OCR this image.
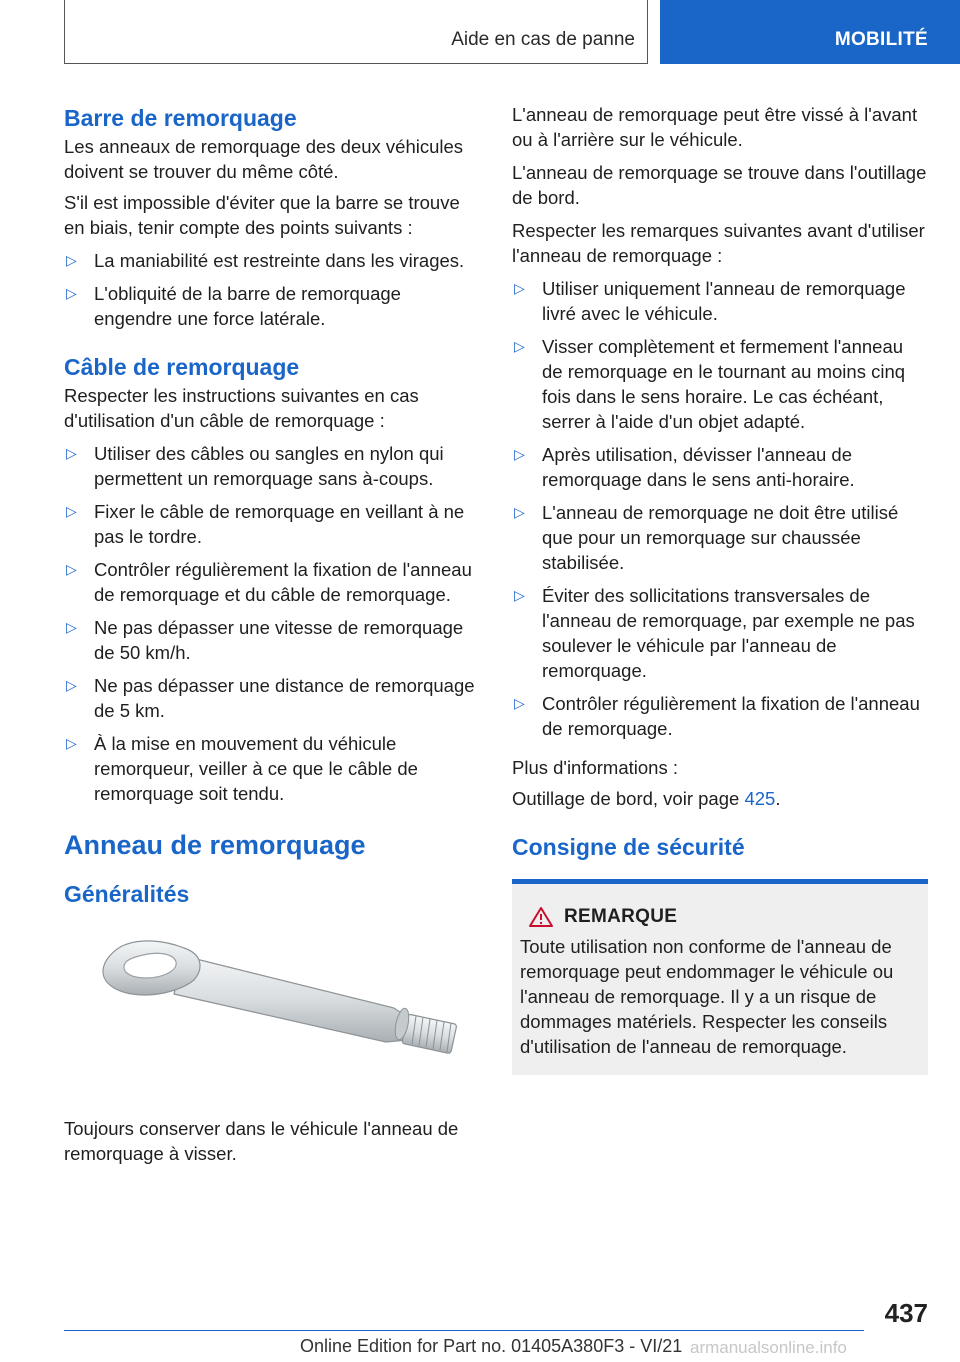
Aide en cas de panne	MOBILITÉ
Barre de remorquage

Les anneaux de remorquage des deux véhicules doivent se trouver du même côté.

S'il est impossible d'éviter que la barre se trouve en biais, tenir compte des points suivants :

▷ La maniabilité est restreinte dans les virages.
▷ L'obliquité de la barre de remorquage engendre une force latérale.
Câble de remorquage

Respecter les instructions suivantes en cas d'utilisation d'un câble de remorquage :

▷ Utiliser des câbles ou sangles en nylon qui permettent un remorquage sans à-coups.
▷ Fixer le câble de remorquage en veillant à ne pas le tordre.
▷ Contrôler régulièrement la fixation de l'anneau de remorquage et du câble de remorquage.
▷ Ne pas dépasser une vitesse de remorquage de 50 km/h.
▷ Ne pas dépasser une distance de remorquage de 5 km.
▷ À la mise en mouvement du véhicule remorqueur, veiller à ce que le câble de remorquage soit tendu.
Anneau de remorquage
Généralités

Toujours conserver dans le véhicule l'anneau de remorquage à visser.

L'anneau de remorquage peut être vissé à l'avant ou à l'arrière sur le véhicule.

L'anneau de remorquage se trouve dans l'outillage de bord.

Respecter les remarques suivantes avant d'utiliser l'anneau de remorquage :

▷ Utiliser uniquement l'anneau de remorquage livré avec le véhicule.
▷ Visser complètement et fermement l'anneau de remorquage en le tournant au moins cinq fois dans le sens horaire. Le cas échéant, serrer à l'aide d'un objet adapté.
▷ Après utilisation, dévisser l'anneau de remorquage dans le sens anti-horaire.
▷ L'anneau de remorquage ne doit être utilisé que pour un remorquage sur chaussée stabilisée.
▷ Éviter des sollicitations transversales de l'anneau de remorquage, par exemple ne pas soulever le véhicule par l'anneau de remorquage.
▷ Contrôler régulièrement la fixation de l'anneau de remorquage.

Plus d'informations :

Outillage de bord, voir page 425.

Consigne de sécurité
REMARQUE

Toute utilisation non conforme de l'anneau de remorquage peut endommager le véhicule ou l'anneau de remorquage. Il y a un risque de dommages matériels. Respecter les conseils d'utilisation de l'anneau de remorquage.

437
Online Edition for Part no. 01405A380F3 - VI/21 armanualsonline.info
